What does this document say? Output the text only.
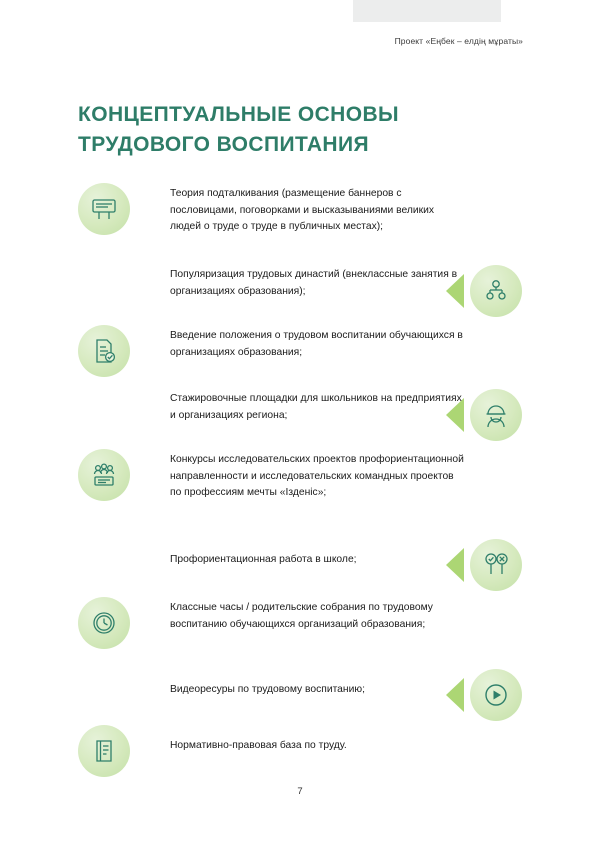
Проект «Еңбек – елдің мұраты»
КОНЦЕПТУАЛЬНЫЕ ОСНОВЫ
ТРУДОВОГО ВОСПИТАНИЯ
Теория подталкивания (размещение баннеров с пословицами, поговорками и высказываниями великих людей о труде о труде в публичных местах);
Популяризация трудовых династий (внеклассные занятия в организациях образования);
Введение положения о трудовом воспитании обучающихся в организациях образования;
Стажировочные площадки для школьников на предприятиях и организациях региона;
Конкурсы исследовательских проектов профориентационной направленности и исследовательских командных проектов по профессиям мечты «Ізденіс»;
Профориентационная работа в школе;
Классные часы / родительские собрания по трудовому воспитанию обучающихся организаций образования;
Видеоресуры по трудовому воспитанию;
Нормативно-правовая база по труду.
7
